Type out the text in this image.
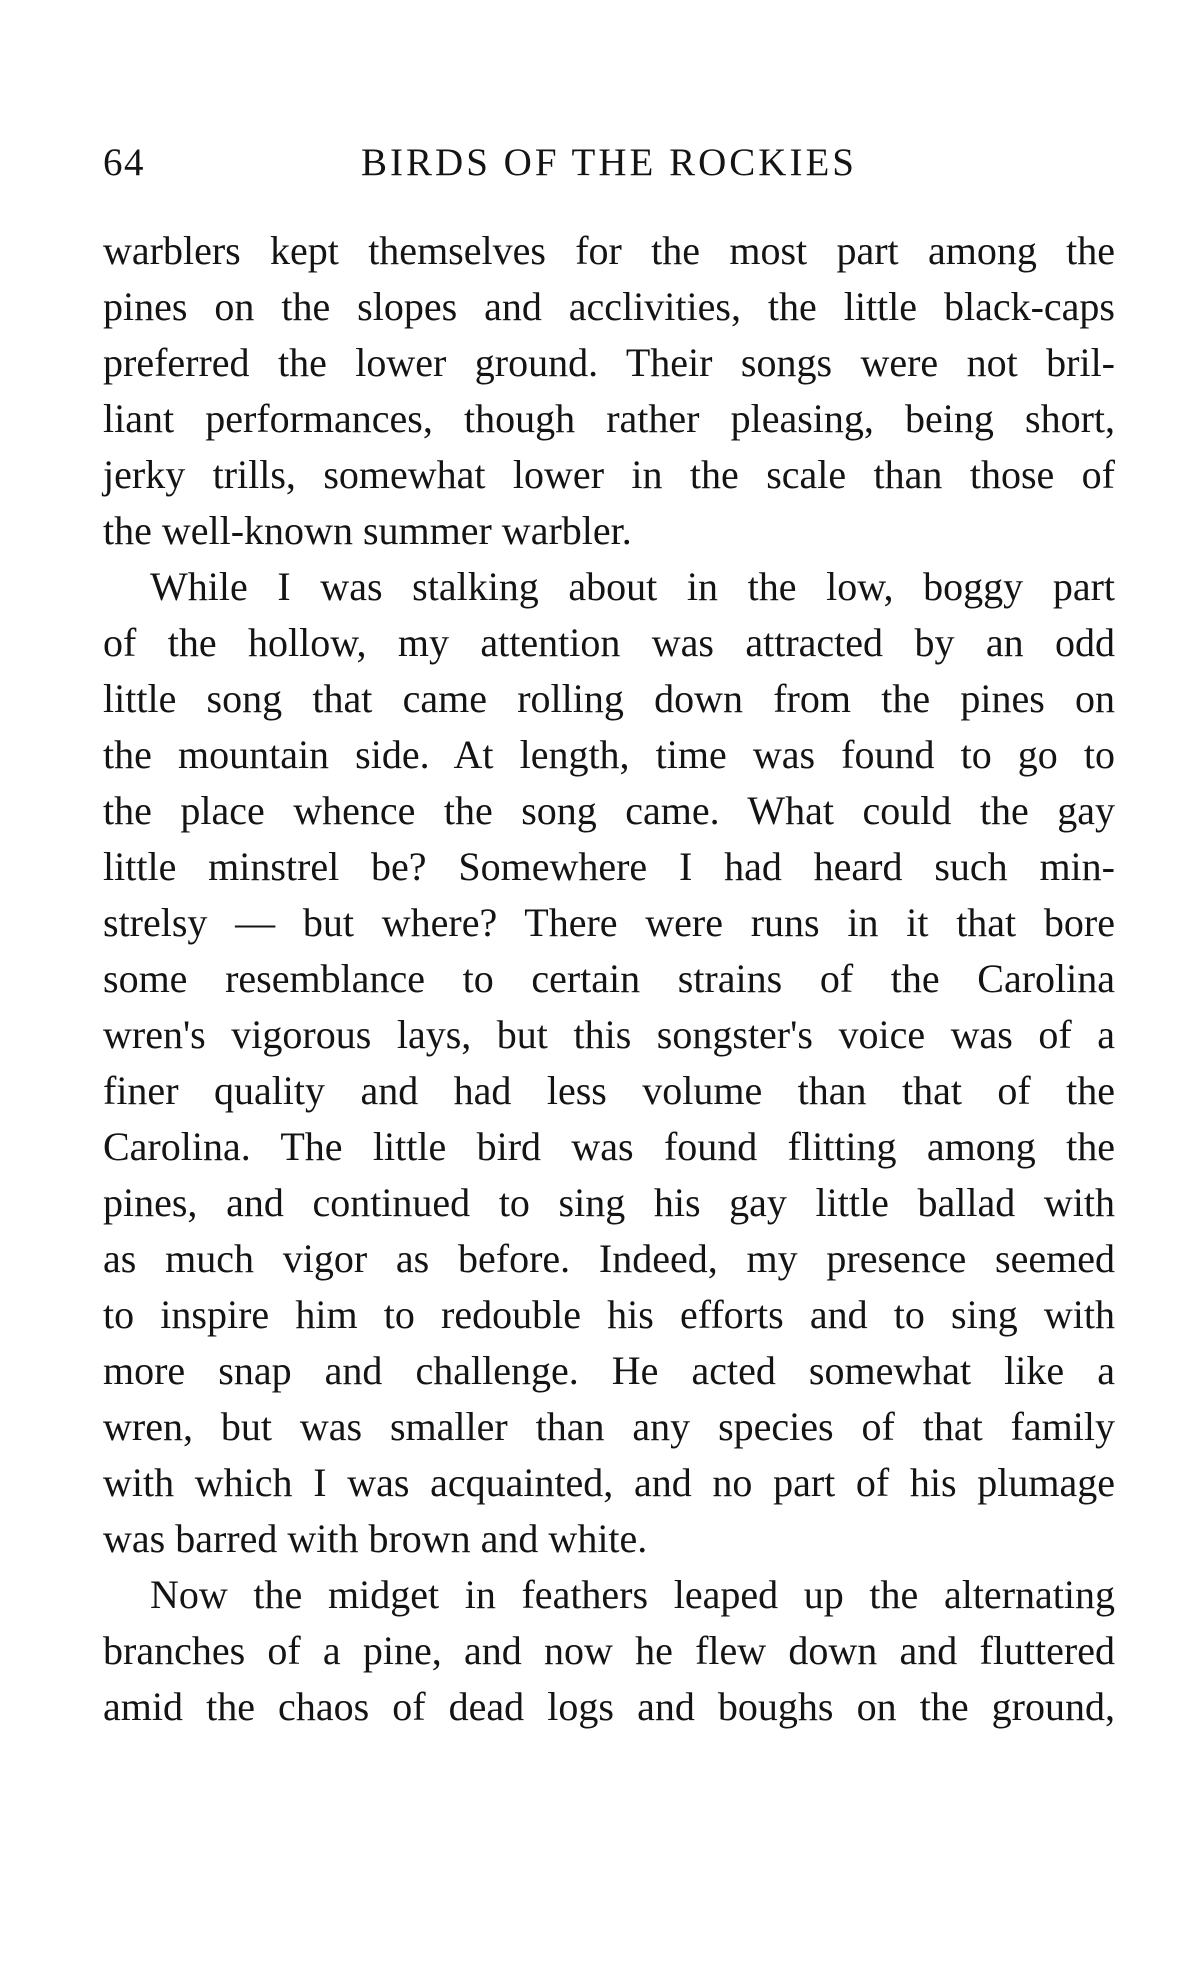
64	BIRDS OF THE ROCKIES
warblers kept themselves for the most part among the
pines on the slopes and acclivities, the little black-caps
preferred the lower ground. Their songs were not bril-
liant performances, though rather pleasing, being short,
jerky trills, somewhat lower in the scale than those of
the well-known summer warbler.
While I was stalking about in the low, boggy part
of the hollow, my attention was attracted by an odd
little song that came rolling down from the pines on
the mountain side. At length, time was found to go to
the place whence the song came. What could the gay
little minstrel be? Somewhere I had heard such min-
strelsy — but where? There were runs in it that bore
some resemblance to certain strains of the Carolina
wren's vigorous lays, but this songster's voice was of a
finer quality and had less volume than that of the
Carolina. The little bird was found flitting among the
pines, and continued to sing his gay little ballad with
as much vigor as before. Indeed, my presence seemed
to inspire him to redouble his efforts and to sing with
more snap and challenge. He acted somewhat like a
wren, but was smaller than any species of that family
with which I was acquainted, and no part of his plumage
was barred with brown and white.
Now the midget in feathers leaped up the alternating
branches of a pine, and now he flew down and fluttered
amid the chaos of dead logs and boughs on the ground,
